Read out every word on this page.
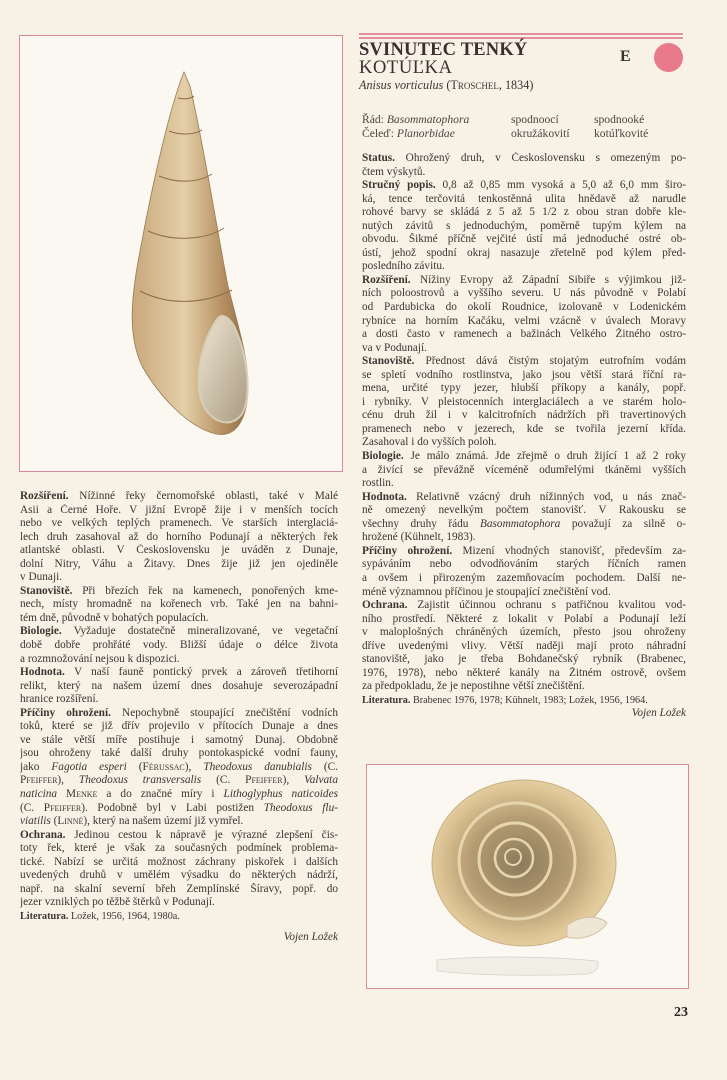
SVINUTEC TENKÝ
KOTÚĽKA
Anisus vorticulus (Troschel, 1834)
E
Řád: Basommatophora
Čeleď: Planorbidae
spodnoocí
okružákovití
spodnooké
kotúľkovité
Status. Ohrožený druh, v Československu s omezeným po-
čtem výskytů.
Stručný popis. 0,8 až 0,85 mm vysoká a 5,0 až 6,0 mm širo-
ká, tence terčovitá tenkostěnná ulita hnědavě až narudle
rohové barvy se skládá z 5 až 5 1/2 z obou stran dobře kle-
nutých závitů s jednoduchým, poměrně tupým kýlem na
obvodu. Šikmé příčně vejčité ústí má jednoduché ostré ob-
ústí, jehož spodní okraj nasazuje zřetelně pod kýlem před-
posledního závitu.
Rozšíření. Nížiny Evropy až Západní Sibiře s výjimkou již-
ních poloostrovů a vyššího severu. U nás původně v Polabí
od Pardubicka do okolí Roudnice, izolovaně v Lodenickém
rybníce na horním Kačáku, velmi vzácně v úvalech Moravy
a dosti často v ramenech a bažinách Velkého Žitného ostro-
va v Podunají.
Stanoviště. Přednost dává čistým stojatým eutrofním vodám
se spletí vodního rostlinstva, jako jsou větší stará říční ra-
mena, určité typy jezer, hlubší příkopy a kanály, popř.
i rybníky. V pleistocenních interglaciálech a ve starém holo-
cénu druh žil i v kalcitrofních nádržích při travertinových
pramenech nebo v jezerech, kde se tvořila jezerní křída.
Zasahoval i do vyšších poloh.
Biologie. Je málo známá. Jde zřejmě o druh žijící 1 až 2 roky
a živící se převážně víceméně odumřelými tkáněmi vyšších
rostlin.
Hodnota. Relativně vzácný druh nížinných vod, u nás znač-
ně omezený nevelkým počtem stanovišť. V Rakousku se
všechny druhy řádu Basommatophora považují za silně o-
hrožené (Kühnelt, 1983).
Příčiny ohrožení. Mizení vhodných stanovišť, především za-
sypáváním nebo odvodňováním starých říčních ramen
a ovšem i přirozeným zazemňovacím pochodem. Další ne-
méně významnou příčinou je stoupající znečištění vod.
Ochrana. Zajistit účinnou ochranu s patřičnou kvalitou vod-
ního prostředí. Některé z lokalit v Polabí a Podunají leží
v maloplošných chráněných územích, přesto jsou ohroženy
dříve uvedenými vlivy. Větší naději mají proto náhradní
stanoviště, jako je třeba Bohdanečský rybník (Brabenec,
1976, 1978), nebo některé kanály na Žitném ostrově, ovšem
za předpokladu, že je nepostihne větší znečištění.
Literatura. Brabenec 1976, 1978; Kühnelt, 1983; Ložek, 1956, 1964.
Vojen Ložek
Rozšíření. Nížinné řeky černomořské oblasti, také v Malé
Asii a Černé Hoře. V jižní Evropě žije i v menších tocích
nebo ve velkých teplých pramenech. Ve starších interglaciá-
lech druh zasahoval až do horního Podunají a některých řek
atlantské oblasti. V Československu je uváděn z Dunaje,
dolní Nitry, Váhu a Žitavy. Dnes žije již jen ojediněle
v Dunaji.
Stanoviště. Při březích řek na kamenech, ponořených kme-
nech, místy hromadně na kořenech vrb. Také jen na bahni-
tém dně, původně v bohatých populacích.
Biologie. Vyžaduje dostatečně mineralizované, ve vegetační
době dobře prohřáté vody. Bližší údaje o délce života
a rozmnožování nejsou k dispozici.
Hodnota. V naší fauně pontický prvek a zároveň třetihorní
relikt, který na našem území dnes dosahuje severozápadní
hranice rozšíření.
Příčiny ohrožení. Nepochybně stoupající znečištění vodních
toků, které se již dřív projevilo v přítocích Dunaje a dnes
ve stále větší míře postihuje i samotný Dunaj. Obdobně
jsou ohroženy také další druhy pontokaspické vodní fauny,
jako Fagotia esperi (Férussac), Theodoxus danubialis (C.
Pfeiffer), Theodoxus transversalis (C. Pfeiffer), Valvata
naticina Menke a do značné míry i Lithoglyphus naticoides
(C. Pfeiffer). Podobně byl v Labi postižen Theodoxus flu-
viatilis (Linné), který na našem území již vymřel.
Ochrana. Jedinou cestou k nápravě je výrazné zlepšení čis-
toty řek, které je však za současných podmínek problema-
tické. Nabízí se určitá možnost záchrany piskořek i dalších
uvedených druhů v umělém výsadku do některých nádrží,
např. na skalní severní břeh Zemplínské Šíravy, popř. do
jezer vzniklých po těžbě štěrků v Podunají.
Literatura. Ložek, 1956, 1964, 1980a.
Vojen Ložek
23
